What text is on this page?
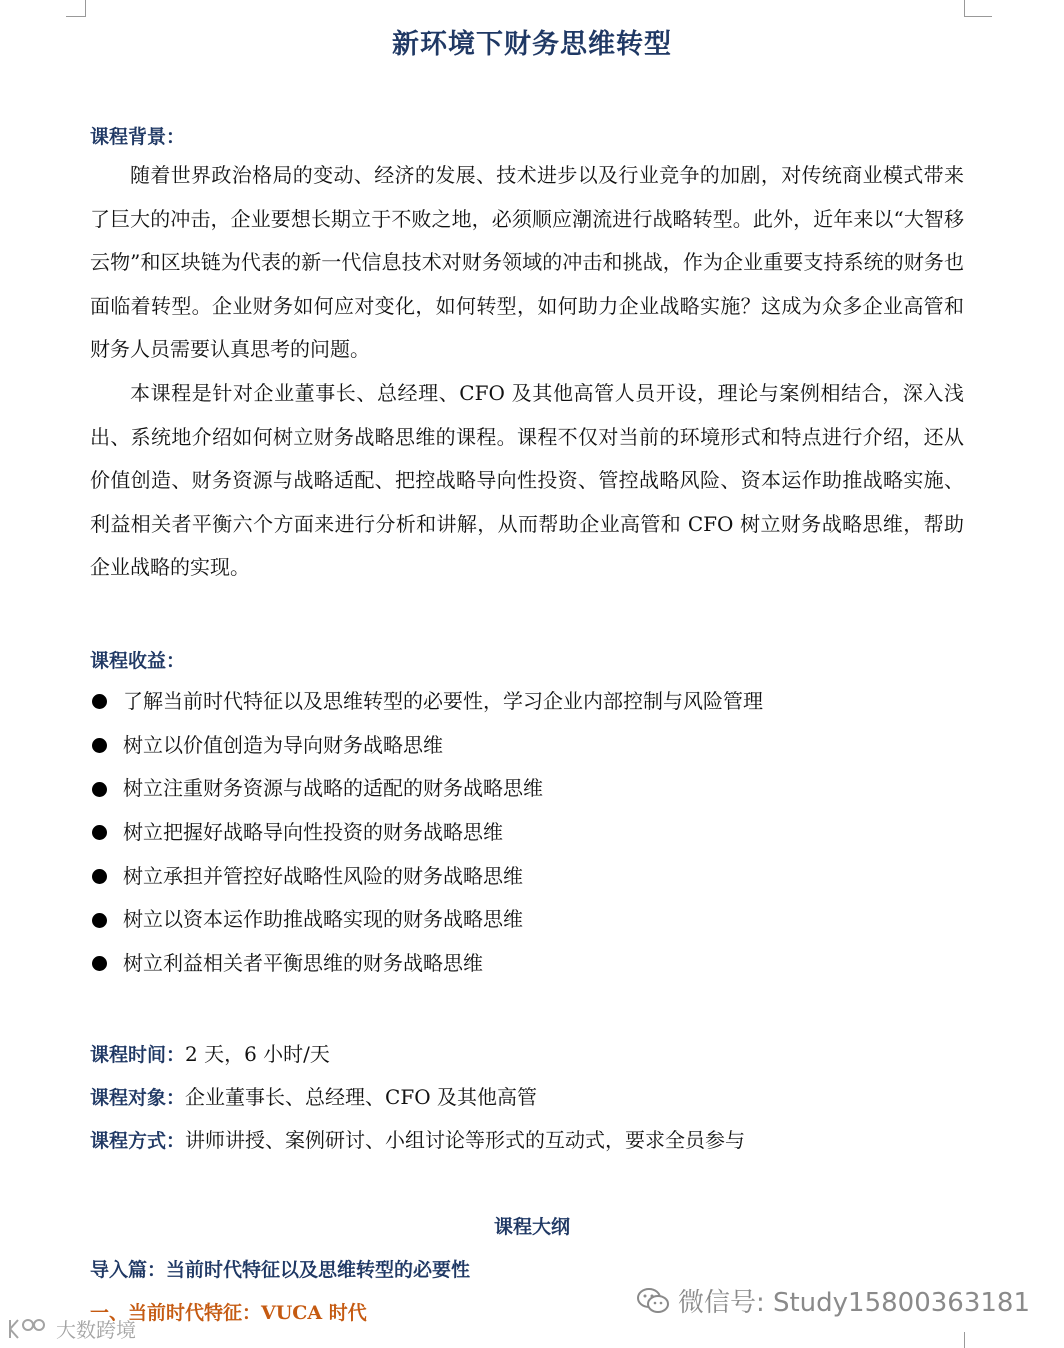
新环境下财务思维转型
课程背景：

随着世界政治格局的变动、经济的发展、技术进步以及行业竞争的加剧，对传统商业模式带来了巨大的冲击，企业要想长期立于不败之地，必须顺应潮流进行战略转型。此外，近年来以“大智移云物”和区块链为代表的新一代信息技术对财务领域的冲击和挑战，作为企业重要支持系统的财务也面临着转型。企业财务如何应对变化，如何转型，如何助力企业战略实施？这成为众多企业高管和财务人员需要认真思考的问题。

本课程是针对企业董事长、总经理、CFO 及其他高管人员开设，理论与案例相结合，深入浅出、系统地介绍如何树立财务战略思维的课程。课程不仅对当前的环境形式和特点进行介绍，还从价值创造、财务资源与战略适配、把控战略导向性投资、管控战略风险、资本运作助推战略实施、利益相关者平衡六个方面来进行分析和讲解，从而帮助企业高管和 CFO 树立财务战略思维，帮助企业战略的实现。

课程收益：
了解当前时代特征以及思维转型的必要性，学习企业内部控制与风险管理
树立以价值创造为导向财务战略思维
树立注重财务资源与战略的适配的财务战略思维
树立把握好战略导向性投资的财务战略思维
树立承担并管控好战略性风险的财务战略思维
树立以资本运作助推战略实现的财务战略思维
树立利益相关者平衡思维的财务战略思维
课程时间：2 天，6 小时/天
课程对象：企业董事长、总经理、CFO 及其他高管
课程方式：讲师讲授、案例研讨、小组讨论等形式的互动式，要求全员参与
课程大纲
导入篇：当前时代特征以及思维转型的必要性
一、当前时代特征：VUCA 时代	微信号: Study15800363181
大数跨境
